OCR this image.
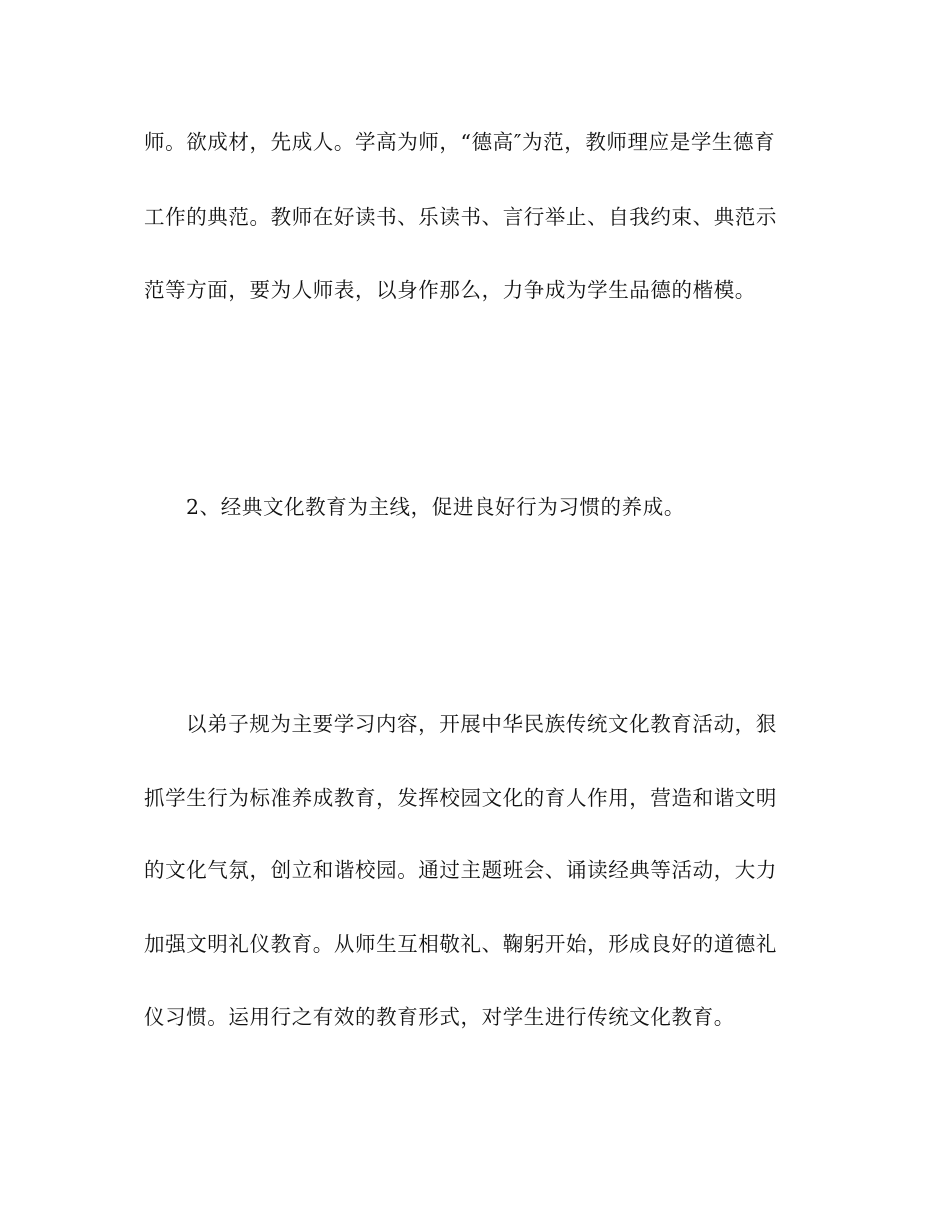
师。欲成材，先成人。学高为师，“德高″为范，教师理应是学生德育
工作的典范。教师在好读书、乐读书、言行举止、自我约束、典范示
范等方面，要为人师表，以身作那么，力争成为学生品德的楷模。
2、经典文化教育为主线，促进良好行为习惯的养成。
以弟子规为主要学习内容，开展中华民族传统文化教育活动，狠
抓学生行为标准养成教育，发挥校园文化的育人作用，营造和谐文明
的文化气氛，创立和谐校园。通过主题班会、诵读经典等活动，大力
加强文明礼仪教育。从师生互相敬礼、鞠躬开始，形成良好的道德礼
仪习惯。运用行之有效的教育形式，对学生进行传统文化教育。
